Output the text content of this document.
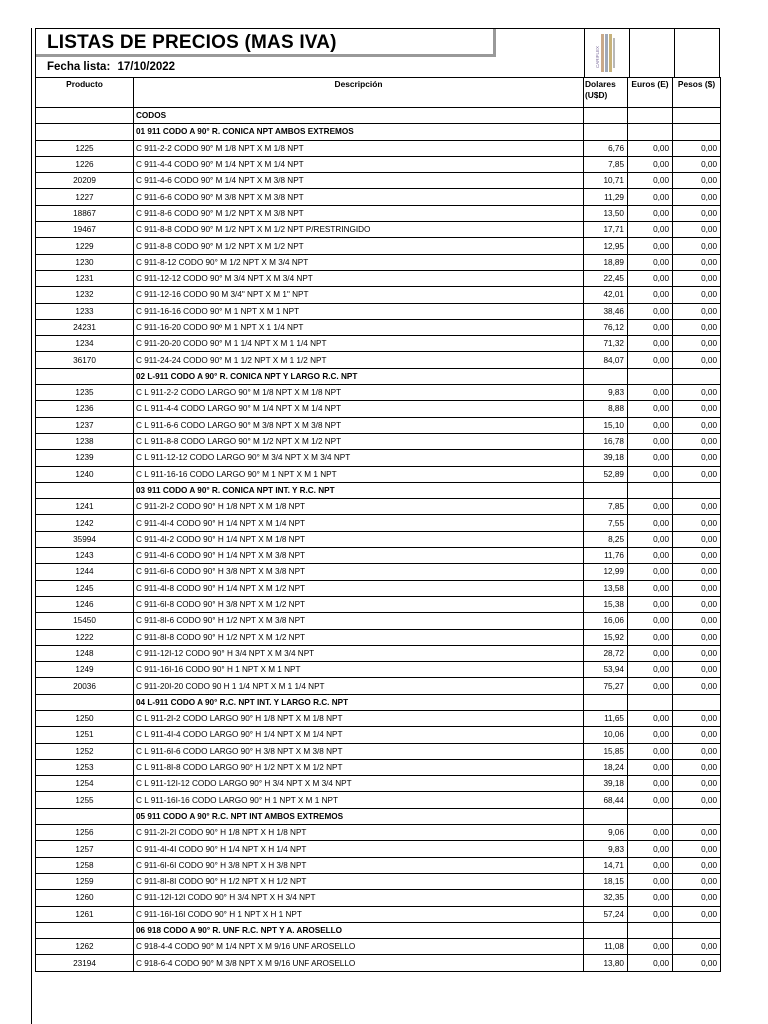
LISTAS DE PRECIOS (MAS IVA)
Fecha lista: 17/10/2022	CARIFLEX
Producto	Descripción	Dolares (U$D)	Euros (E)	Pesos ($)
	CODOS			
	01 911 CODO A 90° R. CONICA NPT AMBOS EXTREMOS			
1225	C 911-2-2 CODO 90° M 1/8 NPT X M 1/8 NPT	6,76	0,00	0,00
1226	C 911-4-4 CODO 90° M 1/4 NPT X M 1/4 NPT	7,85	0,00	0,00
20209	C 911-4-6 CODO 90° M 1/4 NPT X M 3/8 NPT	10,71	0,00	0,00
1227	C 911-6-6 CODO 90° M 3/8 NPT X M 3/8 NPT	11,29	0,00	0,00
18867	C 911-8-6 CODO 90° M 1/2 NPT X M 3/8 NPT	13,50	0,00	0,00
19467	C 911-8-8 CODO 90° M 1/2 NPT X M 1/2 NPT P/RESTRINGIDO	17,71	0,00	0,00
1229	C 911-8-8 CODO 90° M 1/2 NPT X M 1/2 NPT	12,95	0,00	0,00
1230	C 911-8-12 CODO 90° M 1/2 NPT X M 3/4 NPT	18,89	0,00	0,00
1231	C 911-12-12 CODO 90° M 3/4 NPT X M 3/4 NPT	22,45	0,00	0,00
1232	C 911-12-16 CODO 90 M 3/4" NPT X M 1" NPT	42,01	0,00	0,00
1233	C 911-16-16 CODO 90° M 1 NPT X M 1 NPT	38,46	0,00	0,00
24231	C 911-16-20 CODO 90º M 1 NPT X 1 1/4 NPT	76,12	0,00	0,00
1234	C 911-20-20 CODO 90° M 1 1/4 NPT X M 1 1/4 NPT	71,32	0,00	0,00
36170	C 911-24-24 CODO 90° M 1 1/2 NPT X M 1 1/2 NPT	84,07	0,00	0,00
	02 L-911 CODO A 90° R. CONICA NPT Y LARGO R.C. NPT			
1235	C L 911-2-2 CODO LARGO 90° M 1/8 NPT X M 1/8 NPT	9,83	0,00	0,00
1236	C L 911-4-4 CODO LARGO 90° M 1/4 NPT X M 1/4 NPT	8,88	0,00	0,00
1237	C L 911-6-6 CODO LARGO 90° M 3/8 NPT X M 3/8 NPT	15,10	0,00	0,00
1238	C L 911-8-8 CODO LARGO 90° M 1/2 NPT X M 1/2 NPT	16,78	0,00	0,00
1239	C L 911-12-12 CODO LARGO 90° M 3/4 NPT X M 3/4 NPT	39,18	0,00	0,00
1240	C L 911-16-16 CODO LARGO 90° M 1 NPT X M 1 NPT	52,89	0,00	0,00
	03 911 CODO A 90° R. CONICA NPT INT. Y R.C. NPT			
1241	C 911-2I-2 CODO 90° H 1/8 NPT X M 1/8 NPT	7,85	0,00	0,00
1242	C 911-4I-4 CODO 90° H 1/4 NPT X M 1/4 NPT	7,55	0,00	0,00
35994	C 911-4I-2 CODO 90° H 1/4 NPT X M 1/8 NPT	8,25	0,00	0,00
1243	C 911-4I-6 CODO 90° H 1/4 NPT X M 3/8 NPT	11,76	0,00	0,00
1244	C 911-6I-6 CODO 90° H 3/8 NPT X M 3/8 NPT	12,99	0,00	0,00
1245	C 911-4I-8 CODO 90° H 1/4 NPT X M 1/2 NPT	13,58	0,00	0,00
1246	C 911-6I-8 CODO 90° H 3/8 NPT X M 1/2 NPT	15,38	0,00	0,00
15450	C 911-8I-6 CODO 90° H 1/2 NPT X M 3/8 NPT	16,06	0,00	0,00
1222	C 911-8I-8 CODO 90° H 1/2 NPT X M 1/2 NPT	15,92	0,00	0,00
1248	C 911-12I-12 CODO 90° H 3/4 NPT X M 3/4 NPT	28,72	0,00	0,00
1249	C 911-16I-16 CODO 90° H 1 NPT X M 1 NPT	53,94	0,00	0,00
20036	C 911-20I-20 CODO 90 H 1 1/4 NPT X M 1 1/4 NPT	75,27	0,00	0,00
	04 L-911 CODO A 90° R.C. NPT INT. Y LARGO R.C. NPT			
1250	C L 911-2I-2 CODO LARGO 90° H 1/8 NPT X M 1/8 NPT	11,65	0,00	0,00
1251	C L 911-4I-4 CODO LARGO 90° H 1/4 NPT X M 1/4 NPT	10,06	0,00	0,00
1252	C L 911-6I-6 CODO LARGO 90° H 3/8 NPT X M 3/8 NPT	15,85	0,00	0,00
1253	C L 911-8I-8 CODO LARGO 90° H 1/2 NPT X M 1/2 NPT	18,24	0,00	0,00
1254	C L 911-12I-12 CODO LARGO 90° H 3/4 NPT X M 3/4 NPT	39,18	0,00	0,00
1255	C L 911-16I-16 CODO LARGO 90° H 1 NPT X M 1 NPT	68,44	0,00	0,00
	05 911 CODO A 90° R.C. NPT INT AMBOS EXTREMOS			
1256	C 911-2I-2I CODO 90° H 1/8 NPT X H 1/8 NPT	9,06	0,00	0,00
1257	C 911-4I-4I CODO 90° H 1/4 NPT X H 1/4 NPT	9,83	0,00	0,00
1258	C 911-6I-6I CODO 90° H 3/8 NPT X H 3/8 NPT	14,71	0,00	0,00
1259	C 911-8I-8I CODO 90° H 1/2 NPT X H 1/2 NPT	18,15	0,00	0,00
1260	C 911-12I-12I CODO 90° H 3/4 NPT X H 3/4 NPT	32,35	0,00	0,00
1261	C 911-16I-16I CODO 90° H 1 NPT X H 1 NPT	57,24	0,00	0,00
	06 918 CODO A 90° R. UNF R.C. NPT Y A. AROSELLO			
1262	C 918-4-4 CODO 90° M 1/4 NPT X M 9/16 UNF AROSELLO	11,08	0,00	0,00
23194	C 918-6-4 CODO 90° M 3/8 NPT X M 9/16 UNF AROSELLO	13,80	0,00	0,00
